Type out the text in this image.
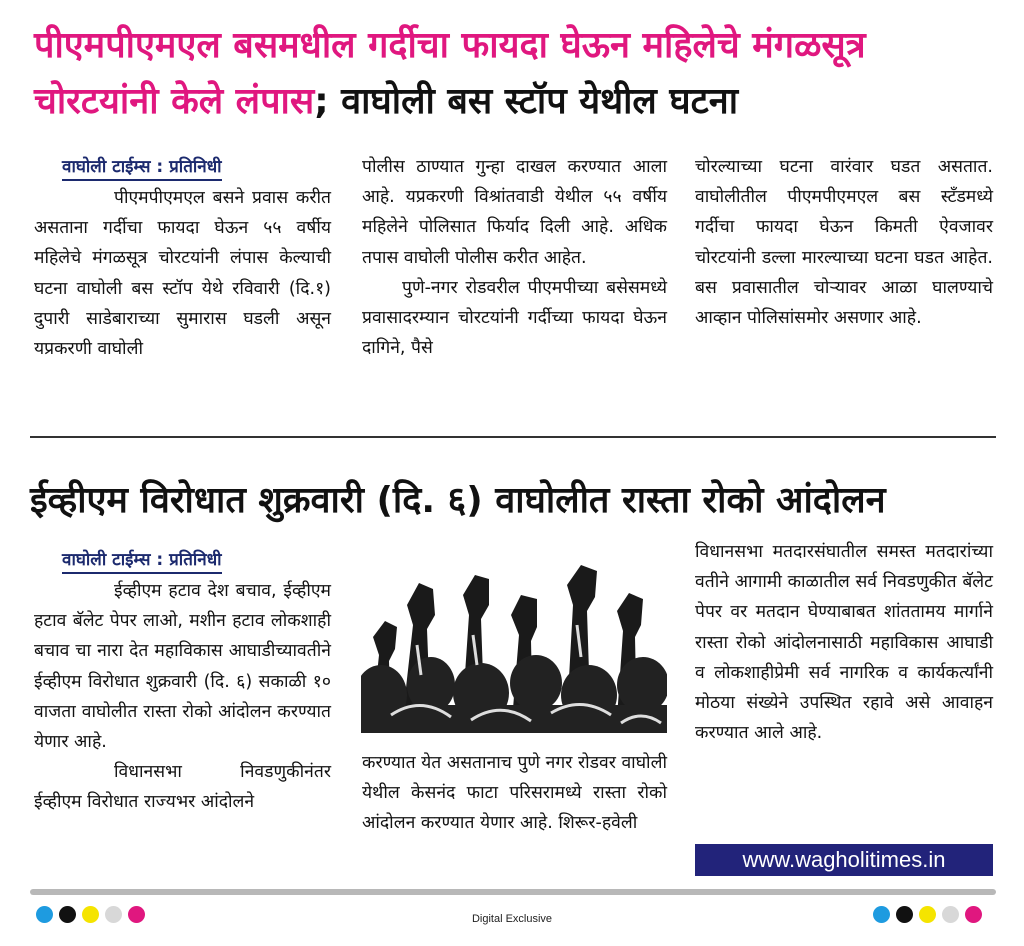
पीएमपीएमएल बसमधील गर्दीचा फायदा घेऊन महिलेचे मंगळसूत्र चोरटयांनी केले लंपास; वाघोली बस स्टॉप येथील घटना
वाघोली टाईम्स : प्रतिनिधी

पीएमपीएमएल बसने प्रवास करीत असताना गर्दीचा फायदा घेऊन ५५ वर्षीय महिलेचे मंगळसूत्र चोरटयांनी लंपास केल्याची घटना वाघोली बस स्टॉप येथे रविवारी (दि.१) दुपारी साडेबाराच्या सुमारास घडली असून यप्रकरणी वाघोली

पोलीस ठाण्यात गुन्हा दाखल करण्यात आला आहे. यप्रकरणी विश्रांतवाडी येथील ५५ वर्षीय महिलेने पोलिसात फिर्याद दिली आहे. अधिक तपास वाघोली पोलीस करीत आहेत.

पुणे-नगर रोडवरील पीएमपीच्या बसेसमध्ये प्रवासादरम्यान चोरटयांनी गर्दीच्या फायदा घेऊन दागिने, पैसे

चोरल्याच्या घटना वारंवार घडत असतात. वाघोलीतील पीएमपीएमएल बस स्टँडमध्ये गर्दीचा फायदा घेऊन किमती ऐवजावर चोरटयांनी डल्ला मारल्याच्या घटना घडत आहेत. बस प्रवासातील चोऱ्यावर आळा घालण्याचे आव्हान पोलिसांसमोर असणार आहे.

ईव्हीएम विरोधात शुक्रवारी (दि. ६) वाघोलीत रास्ता रोको आंदोलन
वाघोली टाईम्स : प्रतिनिधी

ईव्हीएम हटाव देश बचाव, ईव्हीएम हटाव बॅलेट पेपर लाओ, मशीन हटाव लोकशाही बचाव चा नारा देत महाविकास आघाडीच्यावतीने ईव्हीएम विरोधात शुक्रवारी (दि. ६) सकाळी १० वाजता वाघोलीत रास्ता रोको आंदोलन करण्यात येणार आहे.

विधानसभा निवडणुकीनंतर ईव्हीएम विरोधात राज्यभर आंदोलने

करण्यात येत असतानाच पुणे नगर रोडवर वाघोली येथील केसनंद फाटा परिसरामध्ये रास्ता रोको आंदोलन करण्यात येणार आहे. शिरूर-हवेली

विधानसभा मतदारसंघातील समस्त मतदारांच्या वतीने आगामी काळातील सर्व निवडणुकीत बॅलेट पेपर वर मतदान घेण्याबाबत शांततामय मार्गाने रास्ता रोको आंदोलनासाठी महाविकास आघाडी व लोकशाहीप्रेमी सर्व नागरिक व कार्यकर्त्यांनी मोठया संख्येने उपस्थित रहावे असे आवाहन करण्यात आले आहे.

www.wagholitimes.in
Digital Exclusive
